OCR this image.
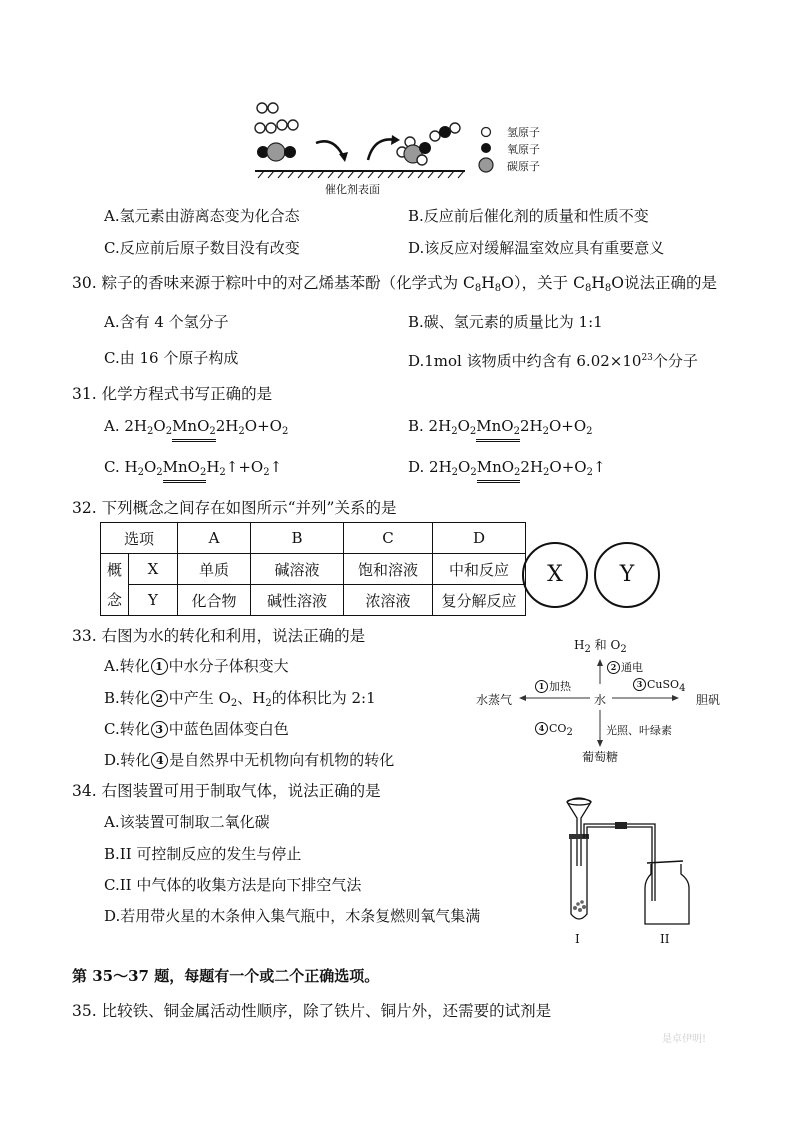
氢原子
氧原子
碳原子
催化剂表面
A.氢元素由游离态变为化合态	B.反应前后催化剂的质量和性质不变
C.反应前后原子数目没有改变	D.该反应对缓解温室效应具有重要意义
30. 粽子的香味来源于粽叶中的对乙烯基苯酚（化学式为 $C_8H_8O$），关于 $C_8H_8O$说法正确的是
A.含有 4 个氢分子	B.碳、氢元素的质量比为 1:1
C.由 16 个原子构成	D.1mol 该物质中约含有 $6.02\times 10^{23}$个分子
31. 化学方程式书写正确的是
A. $2H_2O_2MnO_22H_2O+O_2$	B. $2H_2O_2MnO_22H_2O+O_2$
C. $H_2O_2MnO_2H_2↑+O_2↑$	D. $2H_2O_2MnO_22H_2O+O_2↑$
32. 下列概念之间存在如图所示“并列”关系的是
选项		A	B	C	D
概念	X	单质	碱溶液	饱和溶液	中和反应
	Y	化合物	碱性溶液	浓溶液	复分解反应
X	Y
33. 右图为水的转化和利用，说法正确的是
A.转化 1 中水分子体积变大
B.转化 2 中产生 $O_2$、$H_2$的体积比为 2:1
C.转化 3 中蓝色固体变白色
D.转化 4 是自然界中无机物向有机物的转化
$H_2$ 和 $O_2$
水
水蒸气	胆矾
葡萄糖
1 加热
2 通电
3 CuSO$_4$
4 $CO_2$	光照、叶绿素
34. 右图装置可用于制取气体，说法正确的是
A.该装置可制取二氧化碳
B.II 可控制反应的发生与停止
C.II 中气体的收集方法是向下排空气法
D.若用带火星的木条伸入集气瓶中，木条复燃则氧气集满
I	II
第 35～37 题，每题有一个或二个正确选项。
35. 比较铁、铜金属活动性顺序，除了铁片、铜片外，还需要的试剂是
是卓伊明!
